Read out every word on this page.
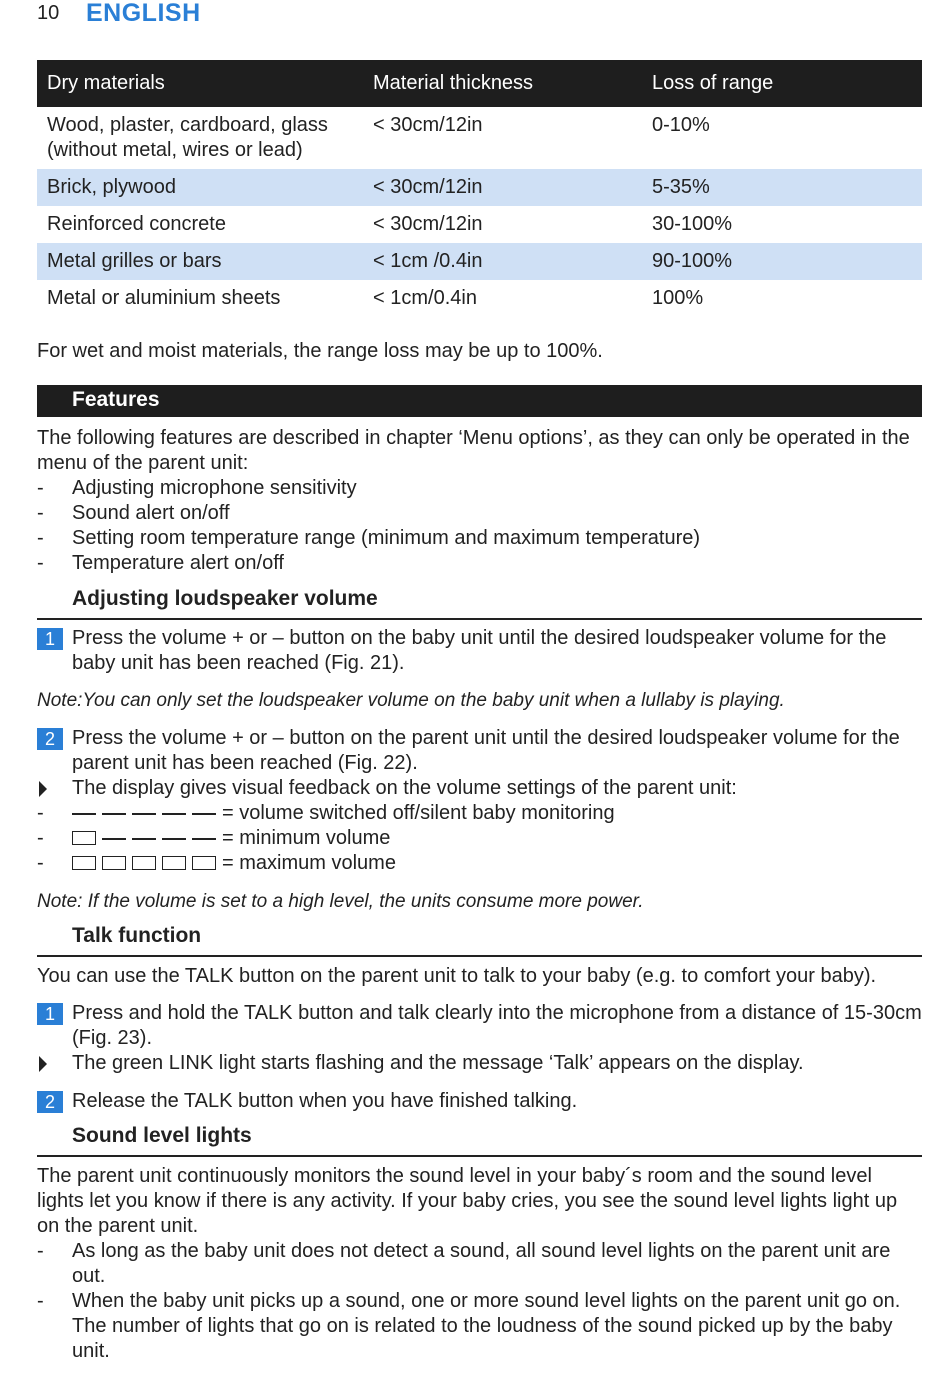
10 ENGLISH
Dry materials	Material thickness	Loss of range
Wood, plaster, cardboard, glass (without metal, wires or lead)	< 30cm/12in	0-10%
Brick, plywood	< 30cm/12in	5-35%
Reinforced concrete	< 30cm/12in	30-100%
Metal grilles or bars	< 1cm /0.4in	90-100%
Metal or aluminium sheets	< 1cm/0.4in	100%
For wet and moist materials, the range loss may be up to 100%.
Features
The following features are described in chapter ‘Menu options’, as they can only be operated in the menu of the parent unit:
-	Adjusting microphone sensitivity
-	Sound alert on/off
-	Setting room temperature range (minimum and maximum temperature)
-	Temperature alert on/off
Adjusting loudspeaker volume
1 Press the volume + or – button on the baby unit until the desired loudspeaker volume for the baby unit has been reached (Fig. 21).
Note:You can only set the loudspeaker volume on the baby unit when a lullaby is playing.
2 Press the volume + or – button on the parent unit until the desired loudspeaker volume for the parent unit has been reached (Fig. 22).
The display gives visual feedback on the volume settings of the parent unit:
-	= volume switched off/silent baby monitoring
-	= minimum volume
-	= maximum volume
Note: If the volume is set to a high level, the units consume more power.
Talk function
You can use the TALK button on the parent unit to talk to your baby (e.g. to comfort your baby).
1 Press and hold the TALK button and talk clearly into the microphone from a distance of 15-30cm (Fig. 23).
The green LINK light starts flashing and the message ‘Talk’ appears on the display.
2 Release the TALK button when you have finished talking.
Sound level lights
The parent unit continuously monitors the sound level in your baby´s room and the sound level lights let you know if there is any activity. If your baby cries, you see the sound level lights light up on the parent unit.
-	As long as the baby unit does not detect a sound, all sound level lights on the parent unit are out.
-	When the baby unit picks up a sound, one or more sound level lights on the parent unit go on. The number of lights that go on is related to the loudness of the sound picked up by the baby unit.
